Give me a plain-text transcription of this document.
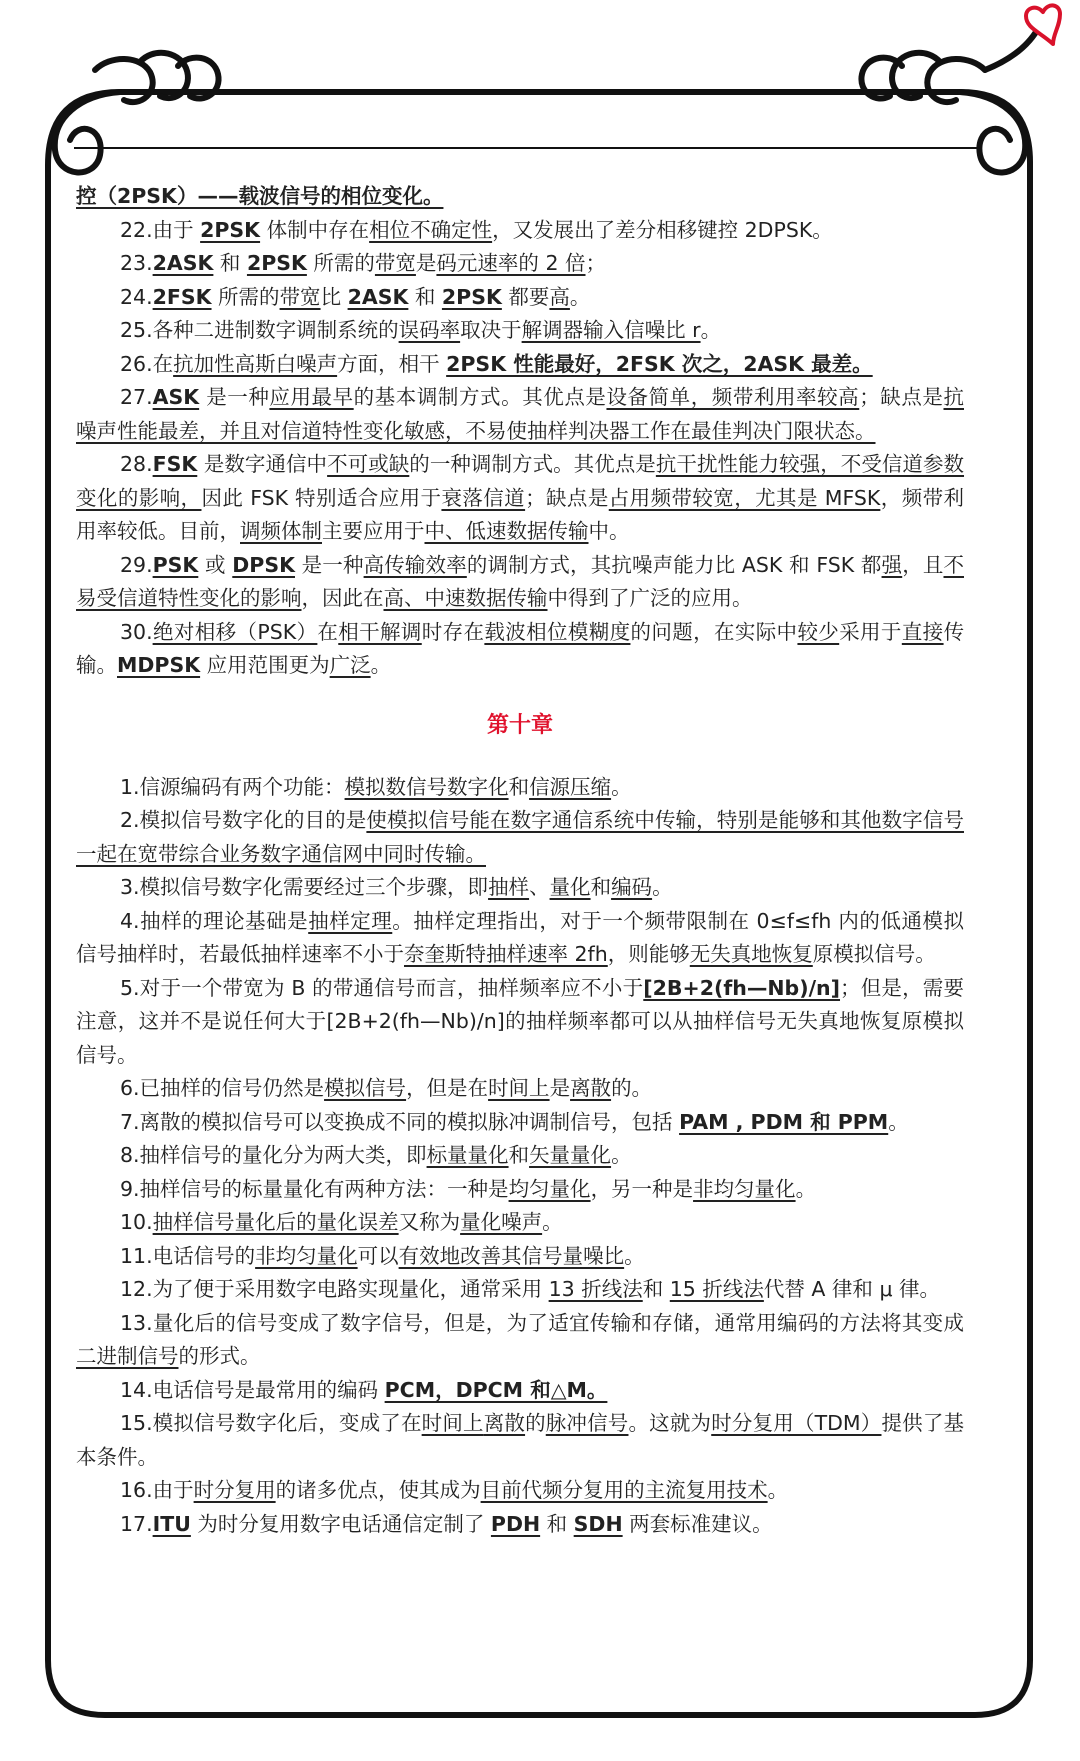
控（2PSK）——载波信号的相位变化。

22.由于 2PSK 体制中存在相位不确定性，又发展出了差分相移键控 2DPSK。

23.2ASK 和 2PSK 所需的带宽是码元速率的 2 倍；

24.2FSK 所需的带宽比 2ASK 和 2PSK 都要高。

25.各种二进制数字调制系统的误码率取决于解调器输入信噪比 r。

26.在抗加性高斯白噪声方面，相干 2PSK 性能最好，2FSK 次之，2ASK 最差。

27.ASK 是一种应用最早的基本调制方式。其优点是设备简单，频带利用率较高；缺点是抗噪声性能最差，并且对信道特性变化敏感，不易使抽样判决器工作在最佳判决门限状态。

28.FSK 是数字通信中不可或缺的一种调制方式。其优点是抗干扰性能力较强，不受信道参数变化的影响，因此 FSK 特别适合应用于衰落信道；缺点是占用频带较宽，尤其是 MFSK，频带利用率较低。目前，调频体制主要应用于中、低速数据传输中。

29.PSK 或 DPSK 是一种高传输效率的调制方式，其抗噪声能力比 ASK 和 FSK 都强，且不易受信道特性变化的影响，因此在高、中速数据传输中得到了广泛的应用。

30.绝对相移（PSK）在相干解调时存在载波相位模糊度的问题，在实际中较少采用于直接传输。MDPSK 应用范围更为广泛。

第十章

1.信源编码有两个功能：模拟数信号数字化和信源压缩。

2.模拟信号数字化的目的是使模拟信号能在数字通信系统中传输，特别是能够和其他数字信号一起在宽带综合业务数字通信网中同时传输。

3.模拟信号数字化需要经过三个步骤，即抽样、量化和编码。

4.抽样的理论基础是抽样定理。抽样定理指出，对于一个频带限制在 0≤f≤fh 内的低通模拟信号抽样时，若最低抽样速率不小于奈奎斯特抽样速率 2fh，则能够无失真地恢复原模拟信号。

5.对于一个带宽为 B 的带通信号而言，抽样频率应不小于[2B+2(fh—Nb)/n]；但是，需要注意，这并不是说任何大于[2B+2(fh—Nb)/n]的抽样频率都可以从抽样信号无失真地恢复原模拟信号。

6.已抽样的信号仍然是模拟信号，但是在时间上是离散的。

7.离散的模拟信号可以变换成不同的模拟脉冲调制信号，包括 PAM , PDM 和 PPM。

8.抽样信号的量化分为两大类，即标量量化和矢量量化。

9.抽样信号的标量量化有两种方法：一种是均匀量化，另一种是非均匀量化。

10.抽样信号量化后的量化误差又称为量化噪声。

11.电话信号的非均匀量化可以有效地改善其信号量噪比。

12.为了便于采用数字电路实现量化，通常采用 13 折线法和 15 折线法代替 A 律和 μ 律。

13.量化后的信号变成了数字信号，但是，为了适宜传输和存储，通常用编码的方法将其变成二进制信号的形式。

14.电话信号是最常用的编码 PCM，DPCM 和△M。

15.模拟信号数字化后，变成了在时间上离散的脉冲信号。这就为时分复用（TDM）提供了基本条件。

16.由于时分复用的诸多优点，使其成为目前代频分复用的主流复用技术。

17.ITU 为时分复用数字电话通信定制了 PDH 和 SDH 两套标准建议。
